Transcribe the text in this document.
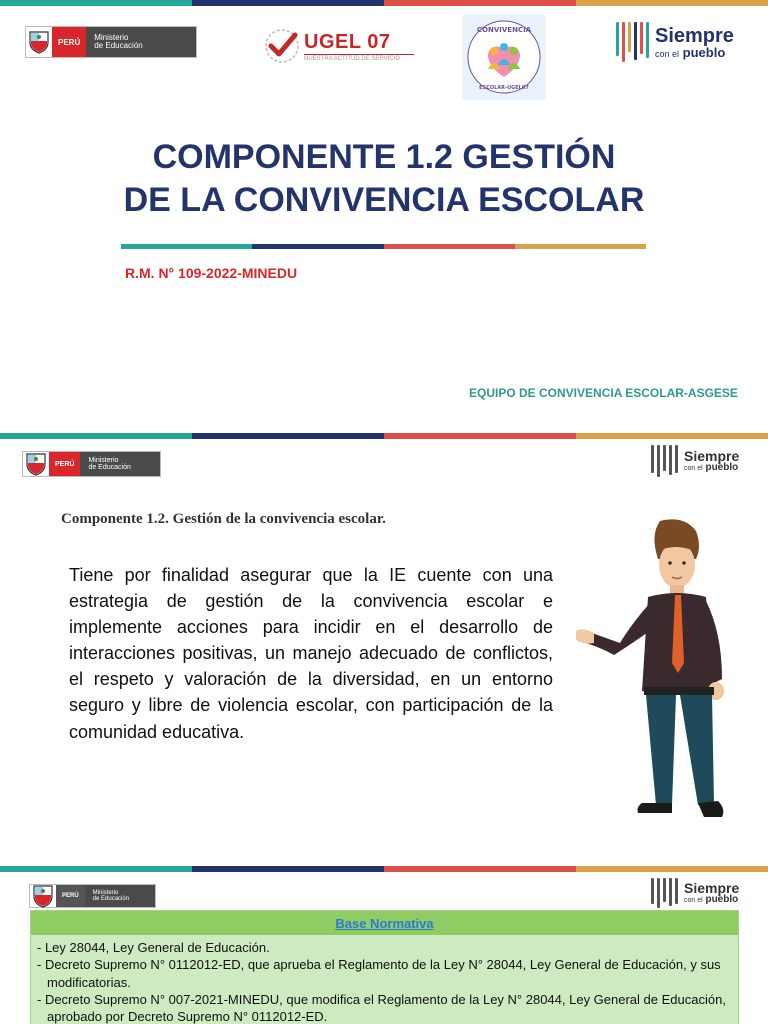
PERÚ
Ministerio
de Educación	UGEL 07
NUESTRA ACTITUD DE SERVICIO
CONVIVENCIA
ESCOLAR-UGEL07
Siempre
con el pueblo
COMPONENTE 1.2 GESTIÓN
DE LA CONVIVENCIA ESCOLAR
R.M. N° 109-2022-MINEDU
EQUIPO DE CONVIVENCIA ESCOLAR-ASGESE
PERÚ
Ministerio
de Educación
Siempre
con el pueblo
Componente 1.2. Gestión de la convivencia escolar.
Tiene por finalidad asegurar que la IE cuente con una estrategia de gestión de la convivencia escolar e implemente acciones para incidir en el desarrollo de interacciones positivas, un manejo adecuado de conflictos, el respeto y valoración de la diversidad, en un entorno seguro y libre de violencia escolar, con participación de la comunidad educativa.
PERÚ
Ministerio
de Educación
Siempre
con el pueblo
Base Normativa
- Ley 28044, Ley General de Educación.
- Decreto Supremo N° 0112012-ED, que aprueba el Reglamento de la Ley N° 28044, Ley General de Educación, y sus modificatorias.
- Decreto Supremo N° 007-2021-MINEDU, que modifica el Reglamento de la Ley N° 28044, Ley General de Educación, aprobado por Decreto Supremo N° 0112012-ED.
